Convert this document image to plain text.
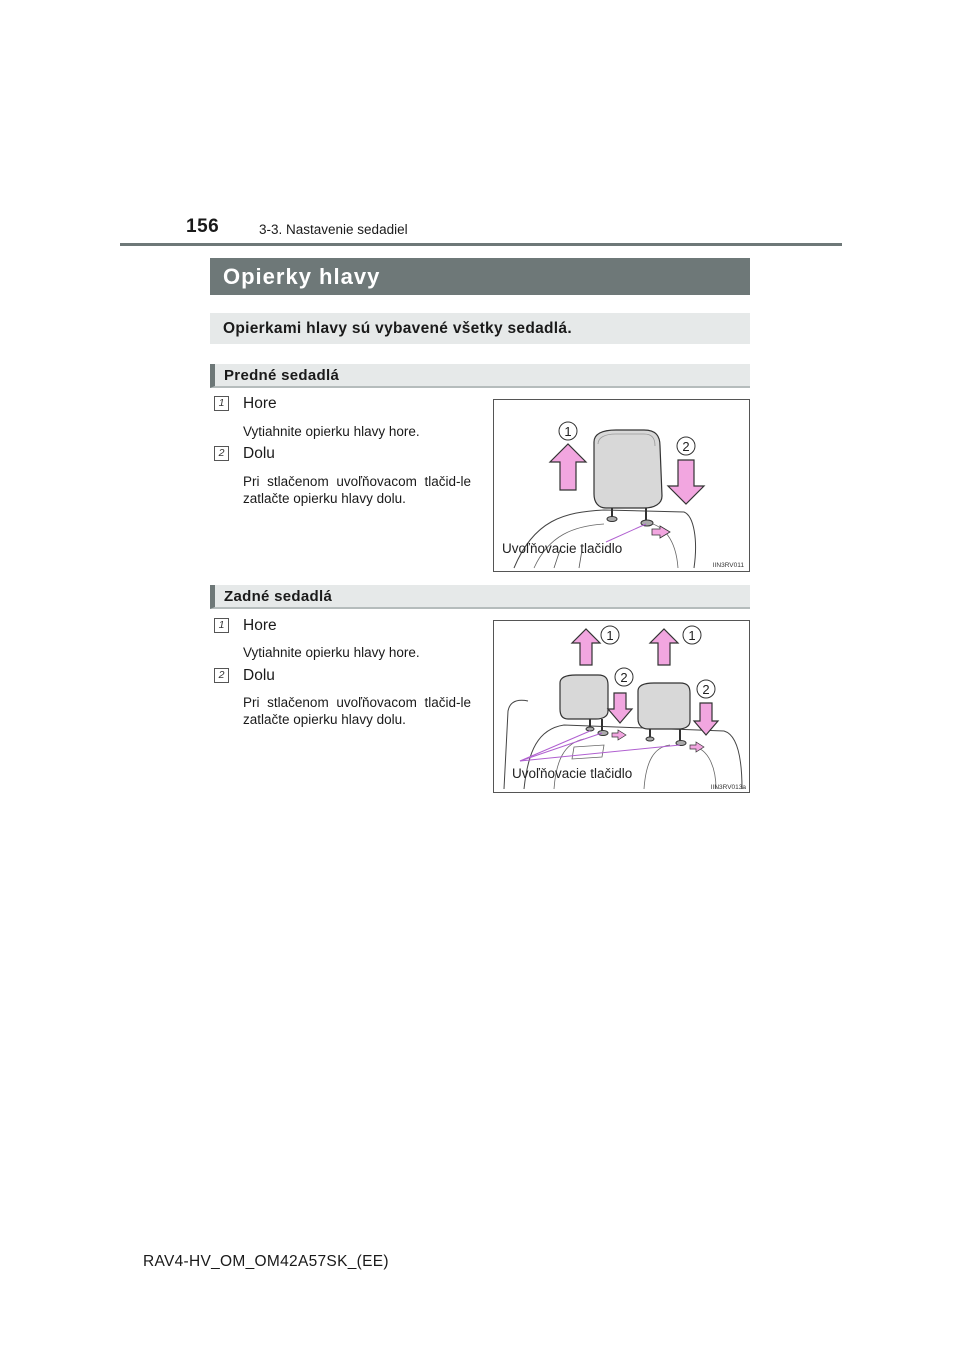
156	3-3. Nastavenie sedadiel
Opierky hlavy
Opierkami hlavy sú vybavené všetky sedadlá.
Predné sedadlá
1 Hore
Vytiahnite opierku hlavy hore.
2 Dolu
Pri stlačenom uvoľňovacom tlačid-le zatlačte opierku hlavy dolu.
1
2
Uvoľňovacie tlačidlo
IIN3RV011
Zadné sedadlá
1 Hore
Vytiahnite opierku hlavy hore.
2 Dolu
Pri stlačenom uvoľňovacom tlačid-le zatlačte opierku hlavy dolu.
1	1
2
2
Uvoľňovacie tlačidlo
IIN3RV013a
RAV4-HV_OM_OM42A57SK_(EE)
